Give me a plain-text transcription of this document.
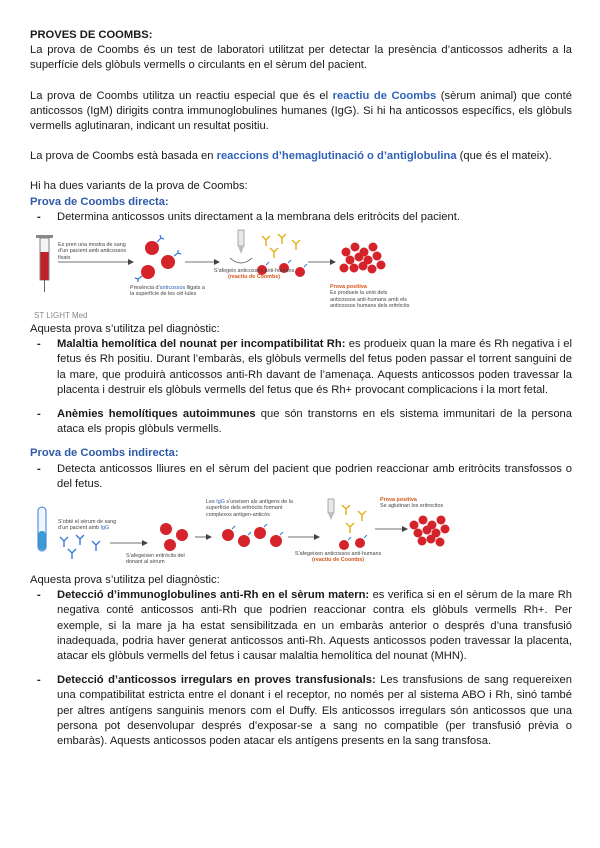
PROVES DE COOMBS:

La prova de Coombs és un test de laboratori utilitzat per detectar la presència d’anticossos adherits a la superfície dels glòbuls vermells o circulants en el sèrum del pacient.

La prova de Coombs utilitza un reactiu especial que és el reactiu de Coombs (sèrum animal) que conté anticossos (IgM) dirigits contra immunoglobulines humanes (IgG). Si hi ha anticossos específics, els glòbuls vermells aglutinaran, indicant un resultat positiu.

La prova de Coombs està basada en reaccions d’hemaglutinació o d’antiglobulina (que és el mateix).

Hi ha dues variants de la prova de Coombs:

Prova de Coombs directa:

- Determina anticossos units directament a la membrana dels eritròcits del pacient.
Es pren una mostra de sang d’un pacient amb anticossos fixats
Presència d’anticossos lligats a la superfície de les cèl·lules
S’afegeix anticossos anti-humans
(reactiu de Coombs)
Prova positiva
Es produeix la unió dels anticossos anti-humans amb els anticossos humans dels eritròcits
ST LIGHT Med

Aquesta prova s’utilitza pel diagnòstic:

- Malaltia hemolítica del nounat per incompatibilitat Rh: es produeix quan la mare és Rh negativa i el fetus és Rh positiu. Durant l’embaràs, els glòbuls vermells del fetus poden passar el torrent sanguini de la mare, que produirà anticossos anti-Rh davant de l’amenaça. Aquests anticossos poden travessar la placenta i destruir els glòbuls vermells del fetus que és Rh+ provocant complicacions i la mort fetal.
- Anèmies hemolítiques autoimmunes que són transtorns en els sistema immunitari de la persona ataca els propis glòbuls vermells.

Prova de Coombs indirecta:

- Detecta anticossos lliures en el sèrum del pacient que podrien reaccionar amb eritròcits transfossos o del fetus.
S’obté el sèrum de sang d’un pacient amb IgG
S’afegeixen eritròcits del donant al sèrum
Les IgG s’uneixen als antígens de la superfície dels eritròcits formant complexos antigen-anticòs
S’afegeixen anticossos anti-humans
(reactiu de Coombs)
Prova positiva
Se aglutinan los eritrocitos

Aquesta prova s’utilitza pel diagnòstic:

- Detecció d’immunoglobulines anti-Rh en el sèrum matern: es verifica si en el sèrum de la mare Rh negativa conté anticossos anti-Rh que podrien reaccionar contra els glòbuls vermells Rh+. Per exemple, si la mare ja ha estat sensibilitzada en un embaràs anterior o després d’una transfusió inadequada, podria haver generat anticossos anti-Rh. Aquests anticossos poden travessar la placenta, atacar els glòbuls vermells del fetus i causar malaltia hemolítica del nounat (MHN).
- Detecció d’anticossos irregulars en proves transfusionals: Les transfusions de sang requereixen una compatibilitat estricta entre el donant i el receptor, no només per al sistema ABO i Rh, sinó també per altres antígens sanguinis menors com el Duffy. Els anticossos irregulars són anticossos que una persona pot desenvolupar després d’exposar-se a sang no compatible (per transfusió prèvia o embaràs). Aquests anticossos poden atacar els antígens presents en la sang transfosa.
